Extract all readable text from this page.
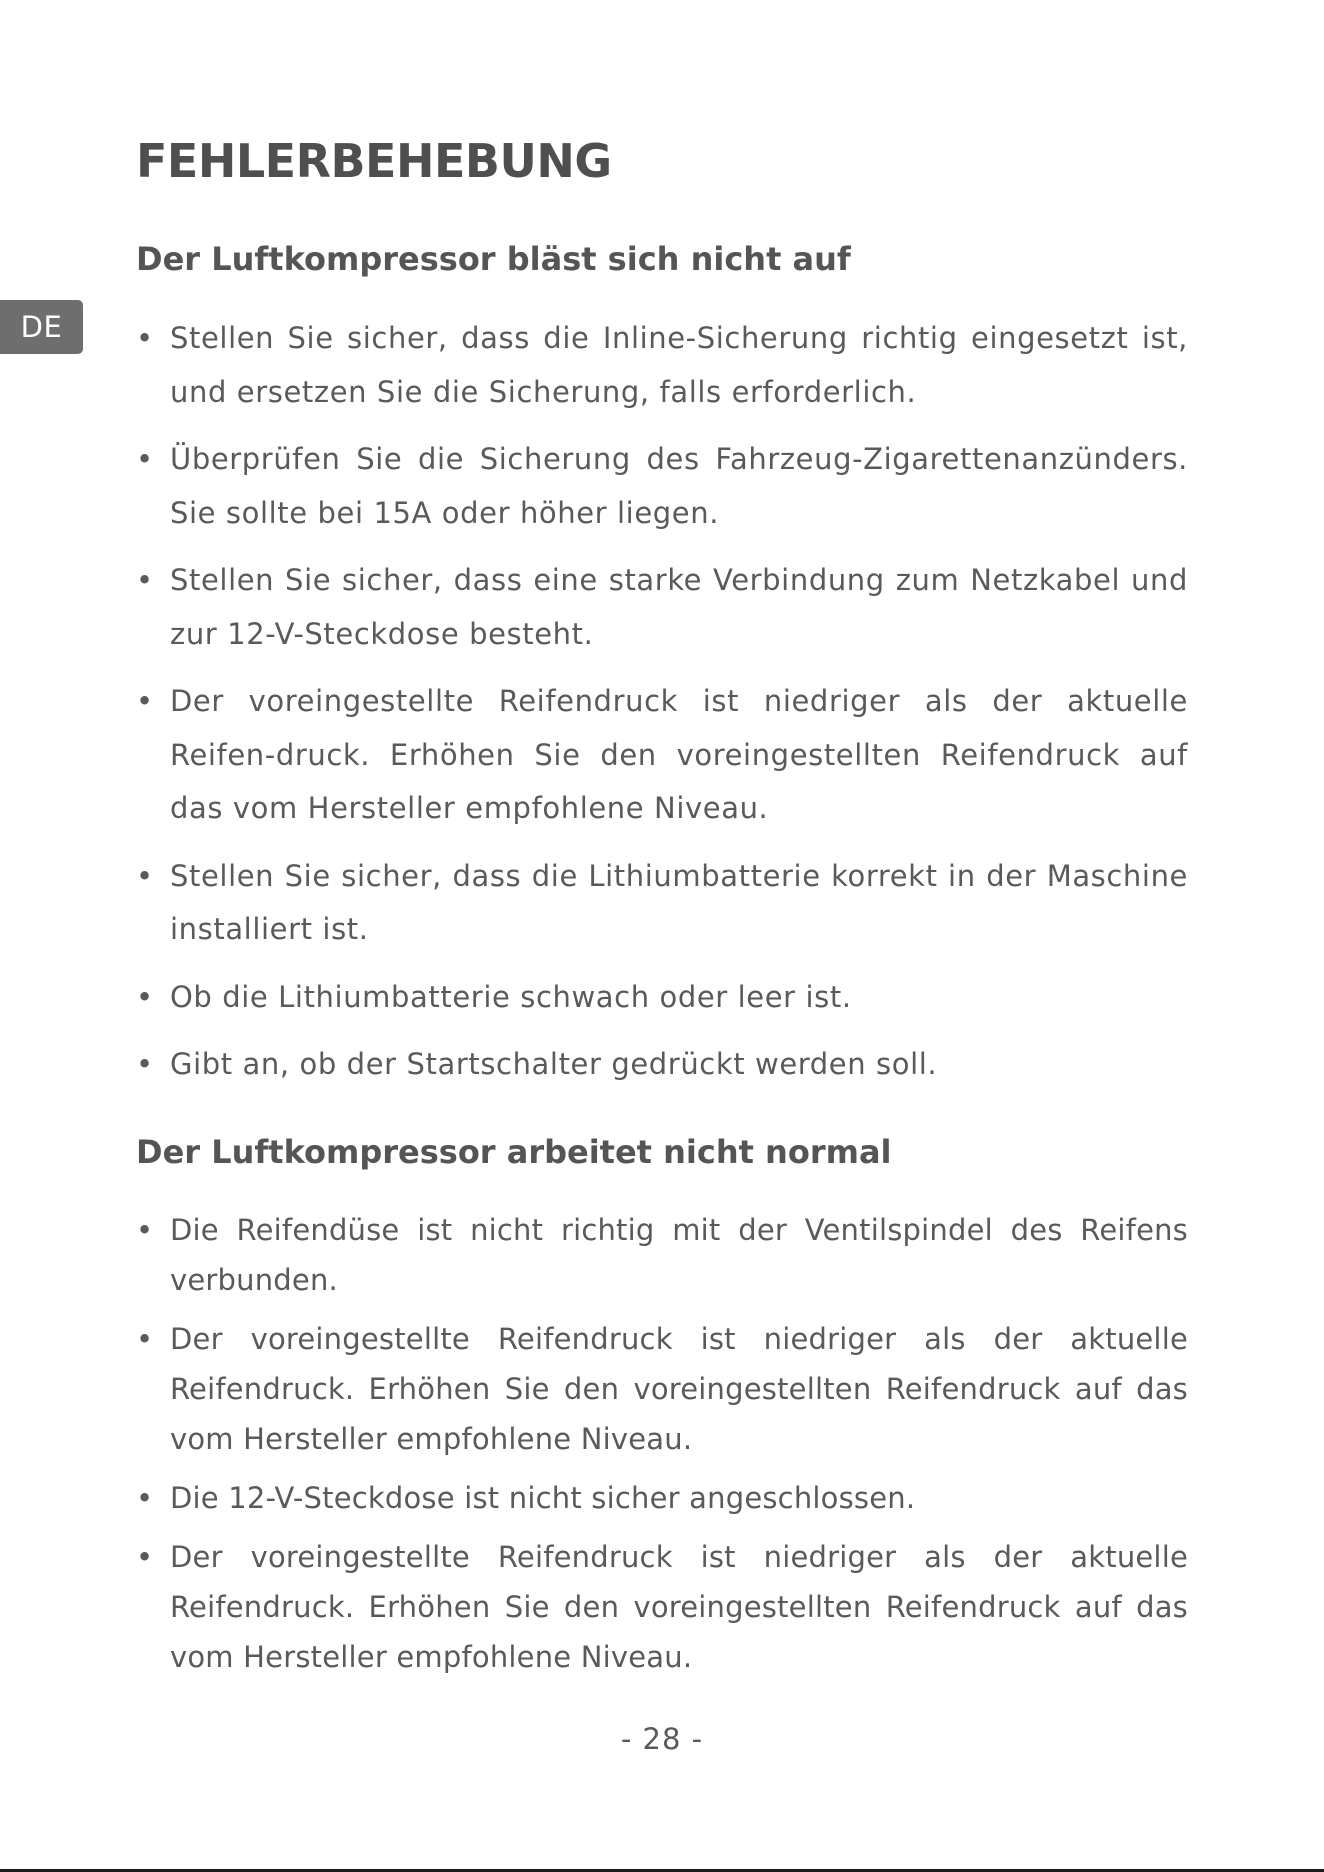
DE
FEHLERBEHEBUNG
Der Luftkompressor bläst sich nicht auf
• Stellen Sie sicher, dass die Inline-Sicherung richtig eingesetzt ist, und ersetzen Sie die Sicherung, falls erforderlich.
• Überprüfen Sie die Sicherung des Fahrzeug-Zigarettenanzünders. Sie sollte bei 15A oder höher liegen.
• Stellen Sie sicher, dass eine starke Verbindung zum Netzkabel und zur 12-V-Steckdose besteht.
• Der voreingestellte Reifendruck ist niedriger als der aktuelle Reifen-druck. Erhöhen Sie den voreingestellten Reifendruck auf das vom Hersteller empfohlene Niveau.
• Stellen Sie sicher, dass die Lithiumbatterie korrekt in der Maschine installiert ist.
• Ob die Lithiumbatterie schwach oder leer ist.
• Gibt an, ob der Startschalter gedrückt werden soll.
Der Luftkompressor arbeitet nicht normal
• Die Reifendüse ist nicht richtig mit der Ventilspindel des Reifens verbunden.
• Der voreingestellte Reifendruck ist niedriger als der aktuelle Reifendruck. Erhöhen Sie den voreingestellten Reifendruck auf das vom Hersteller empfohlene Niveau.
• Die 12-V-Steckdose ist nicht sicher angeschlossen.
• Der voreingestellte Reifendruck ist niedriger als der aktuelle Reifendruck. Erhöhen Sie den voreingestellten Reifendruck auf das vom Hersteller empfohlene Niveau.
- 28 -
